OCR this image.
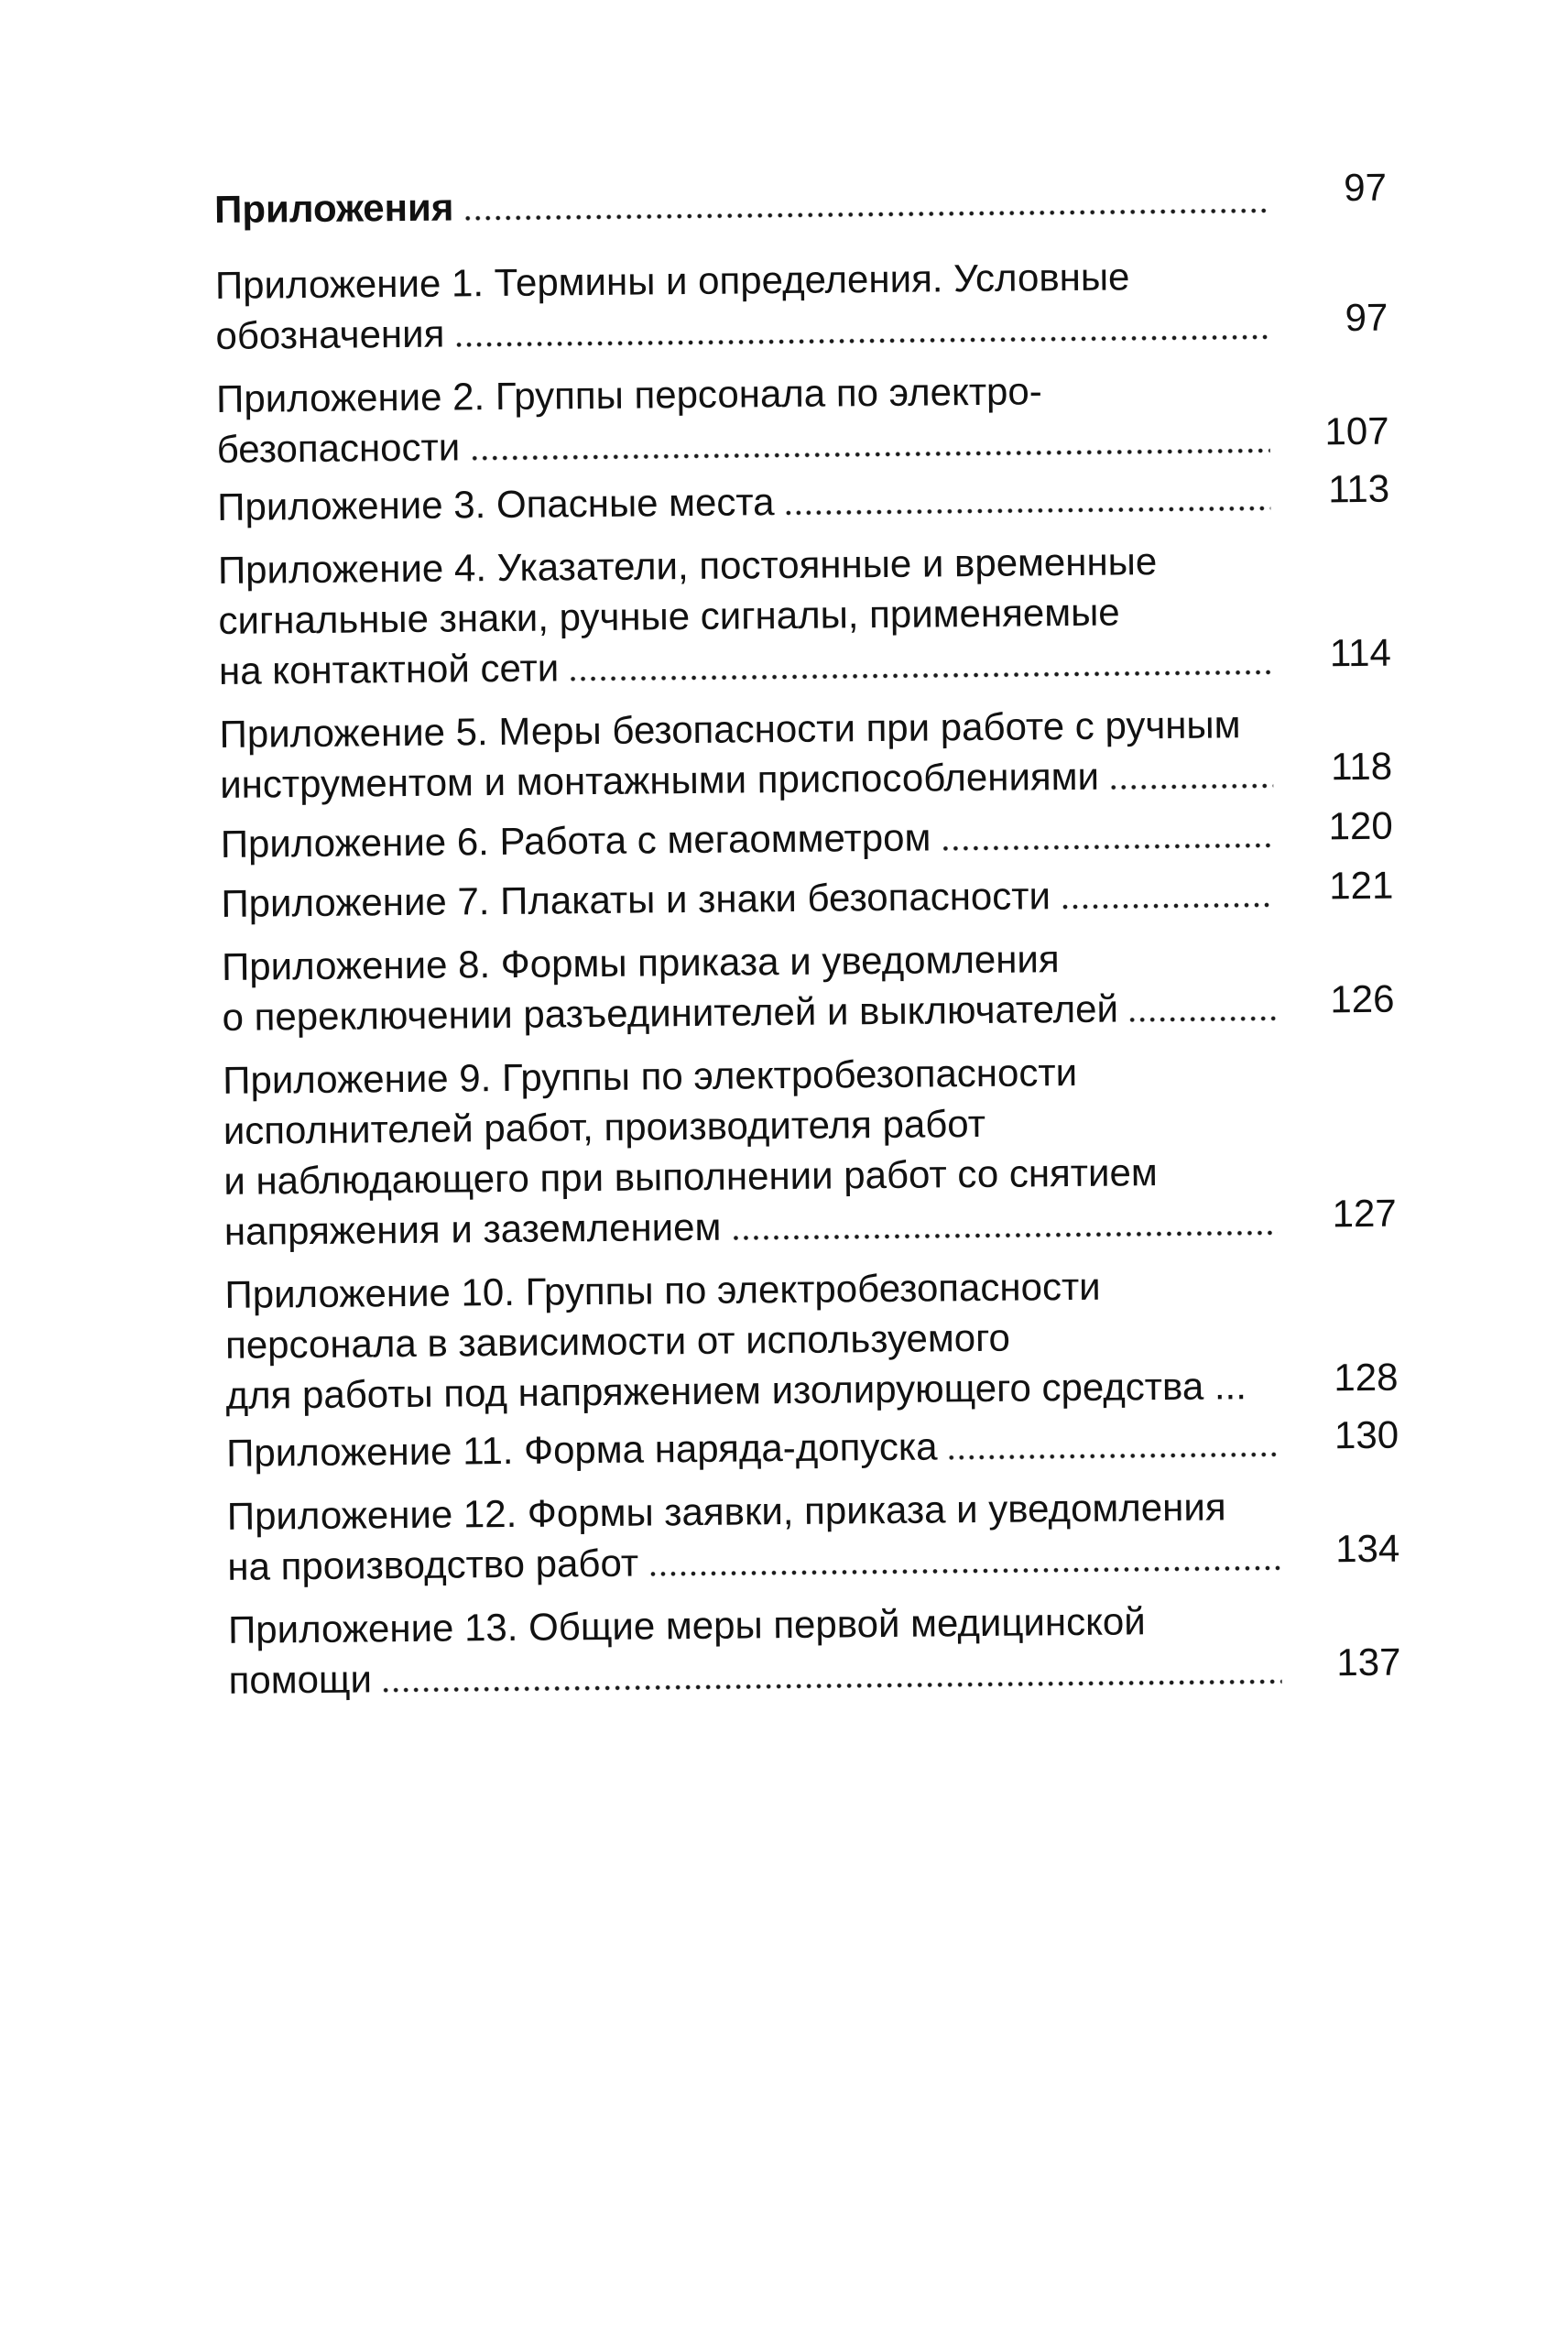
Приложения	97
Приложение 1. Термины и определения. Условные
обозначения	97
Приложение 2. Группы персонала по электро-
безопасности	107
Приложение 3. Опасные места	113
Приложение 4. Указатели, постоянные и временные
сигнальные знаки, ручные сигналы, применяемые
на контактной сети	114
Приложение 5. Меры безопасности при работе с ручным
инструментом и монтажными приспособлениями	118
Приложение 6. Работа с мегаомметром	120
Приложение 7. Плакаты и знаки безопасности	121
Приложение 8. Формы приказа и уведомления
о переключении разъединителей и выключателей	126
Приложение 9. Группы по электробезопасности
исполнителей работ, производителя работ
и наблюдающего при выполнении работ со снятием
напряжения и заземлением	127
Приложение 10. Группы по электробезопасности
персонала в зависимости от используемого
для работы под напряжением изолирующего средства ...	128
Приложение 11. Форма наряда-допуска	130
Приложение 12. Формы заявки, приказа и уведомления
на производство работ	134
Приложение 13. Общие меры первой медицинской
помощи	137
